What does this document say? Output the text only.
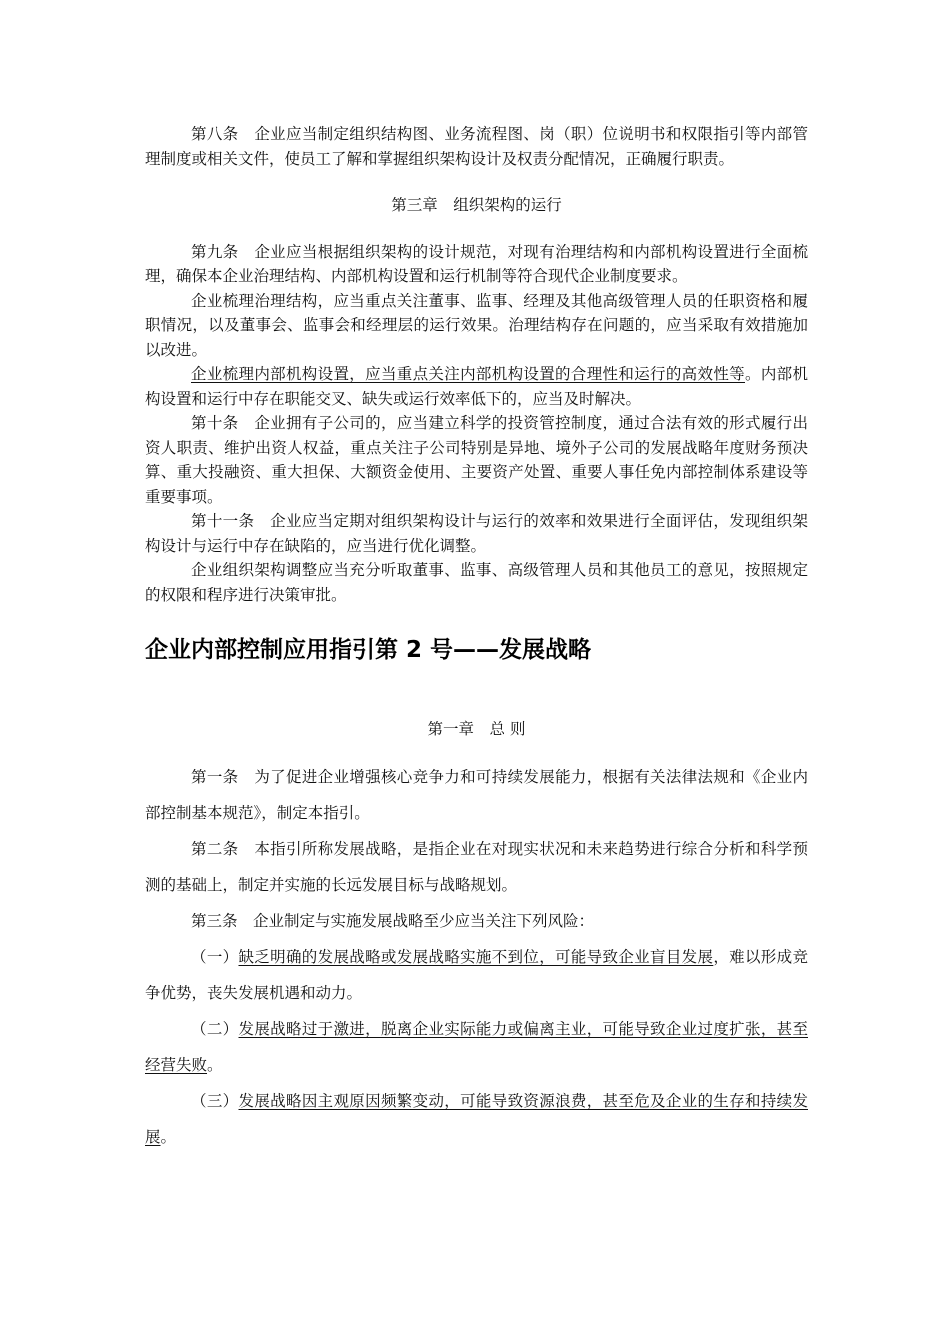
第八条  企业应当制定组织结构图、业务流程图、岗（职）位说明书和权限指引等内部管理制度或相关文件，使员工了解和掌握组织架构设计及权责分配情况，正确履行职责。

第三章  组织架构的运行

第九条  企业应当根据组织架构的设计规范，对现有治理结构和内部机构设置进行全面梳理，确保本企业治理结构、内部机构设置和运行机制等符合现代企业制度要求。

企业梳理治理结构，应当重点关注董事、监事、经理及其他高级管理人员的任职资格和履职情况，以及董事会、监事会和经理层的运行效果。治理结构存在问题的，应当采取有效措施加以改进。

企业梳理内部机构设置，应当重点关注内部机构设置的合理性和运行的高效性等。内部机构设置和运行中存在职能交叉、缺失或运行效率低下的，应当及时解决。

第十条  企业拥有子公司的，应当建立科学的投资管控制度，通过合法有效的形式履行出资人职责、维护出资人权益，重点关注子公司特别是异地、境外子公司的发展战略年度财务预决算、重大投融资、重大担保、大额资金使用、主要资产处置、重要人事任免内部控制体系建设等重要事项。

第十一条  企业应当定期对组织架构设计与运行的效率和效果进行全面评估，发现组织架构设计与运行中存在缺陷的，应当进行优化调整。

企业组织架构调整应当充分听取董事、监事、高级管理人员和其他员工的意见，按照规定的权限和程序进行决策审批。

企业内部控制应用指引第 2 号——发展战略

第一章  总 则

第一条  为了促进企业增强核心竞争力和可持续发展能力，根据有关法律法规和《企业内部控制基本规范》，制定本指引。

第二条  本指引所称发展战略，是指企业在对现实状况和未来趋势进行综合分析和科学预测的基础上，制定并实施的长远发展目标与战略规划。

第三条  企业制定与实施发展战略至少应当关注下列风险：

（一）缺乏明确的发展战略或发展战略实施不到位，可能导致企业盲目发展，难以形成竞争优势，丧失发展机遇和动力。

（二）发展战略过于激进，脱离企业实际能力或偏离主业，可能导致企业过度扩张，甚至经营失败。

（三）发展战略因主观原因频繁变动，可能导致资源浪费，甚至危及企业的生存和持续发展。
